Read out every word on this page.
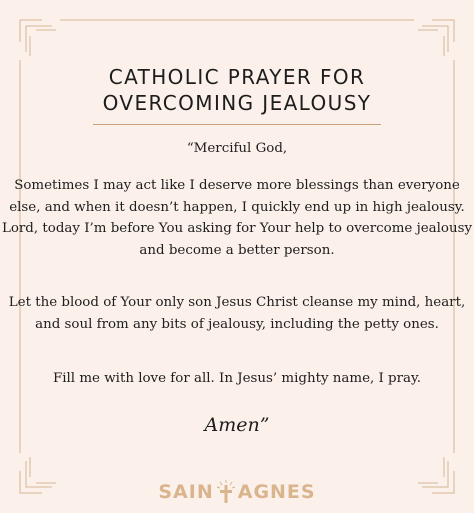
CATHOLIC PRAYER FOR
OVERCOMING JEALOUSY
“Merciful God,
Sometimes I may act like I deserve more blessings than everyone else, and when it doesn’t happen, I quickly end up in high jealousy. Lord, today I’m before You asking for Your help to overcome jealousy and become a better person.
Let the blood of Your only son Jesus Christ cleanse my mind, heart, and soul from any bits of jealousy, including the petty ones.
Fill me with love for all. In Jesus’ mighty name, I pray.
Amen”
SAIN AGNES
